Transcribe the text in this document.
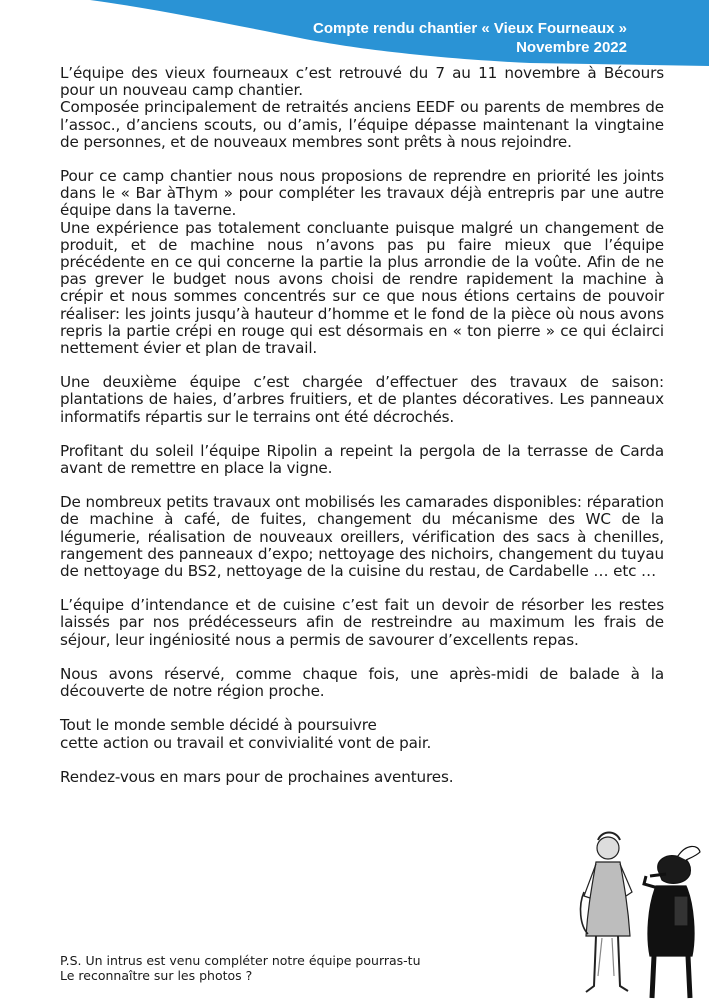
Compte rendu chantier « Vieux Fourneaux »
Novembre 2022

L’équipe des vieux fourneaux c’est retrouvé du 7 au 11 novembre à Bécours pour un nouveau camp chantier.

Composée principalement de retraités anciens EEDF ou parents de membres de l’assoc., d’anciens scouts, ou d’amis, l’équipe dépasse maintenant la vingtaine de personnes, et de nouveaux membres sont prêts à nous rejoindre.

Pour ce camp chantier nous nous proposions de reprendre en priorité les joints dans le « Bar àThym » pour compléter les travaux déjà entrepris par une autre équipe dans la taverne.

Une expérience pas totalement concluante puisque malgré un changement de produit, et de machine nous n’avons pas pu faire mieux que l’équipe précédente en ce qui concerne la partie la plus arrondie de la voûte. Afin de ne pas grever le budget nous avons choisi de rendre rapidement la machine à crépir et nous sommes concentrés sur ce que nous étions certains de pouvoir réaliser: les joints jusqu’à hauteur d’homme et le fond de la pièce où nous avons repris la partie crépi en rouge qui est désormais en « ton pierre » ce qui éclairci nettement évier et plan de travail.

Une deuxième équipe c’est chargée d’effectuer des travaux de saison: plantations de haies, d’arbres fruitiers, et de plantes décoratives. Les panneaux informatifs répartis sur le terrains ont été décrochés.

Profitant du soleil l’équipe Ripolin a repeint la pergola de la terrasse de Carda avant de remettre en place la vigne.

De nombreux petits travaux ont mobilisés les camarades disponibles: réparation de machine à café, de fuites, changement du mécanisme des WC de la légumerie, réalisation de nouveaux oreillers, vérification des sacs à chenilles, rangement des panneaux d’expo; nettoyage des nichoirs, changement du tuyau de nettoyage du BS2, nettoyage de la cuisine du restau, de Cardabelle … etc …

L’équipe d’intendance et de cuisine c’est fait un devoir de résorber les restes laissés par nos prédécesseurs afin de restreindre au maximum les frais de séjour, leur ingéniosité nous a permis de savourer d’excellents repas.

Nous avons réservé, comme chaque fois, une après-midi de balade à la découverte de notre région proche.

Tout le monde semble décidé à poursuivre

cette action ou travail et convivialité vont de pair.

Rendez-vous en mars pour de prochaines aventures.

P.S. Un intrus est venu compléter notre équipe pourras-tu
Le reconnaître sur les photos ?
